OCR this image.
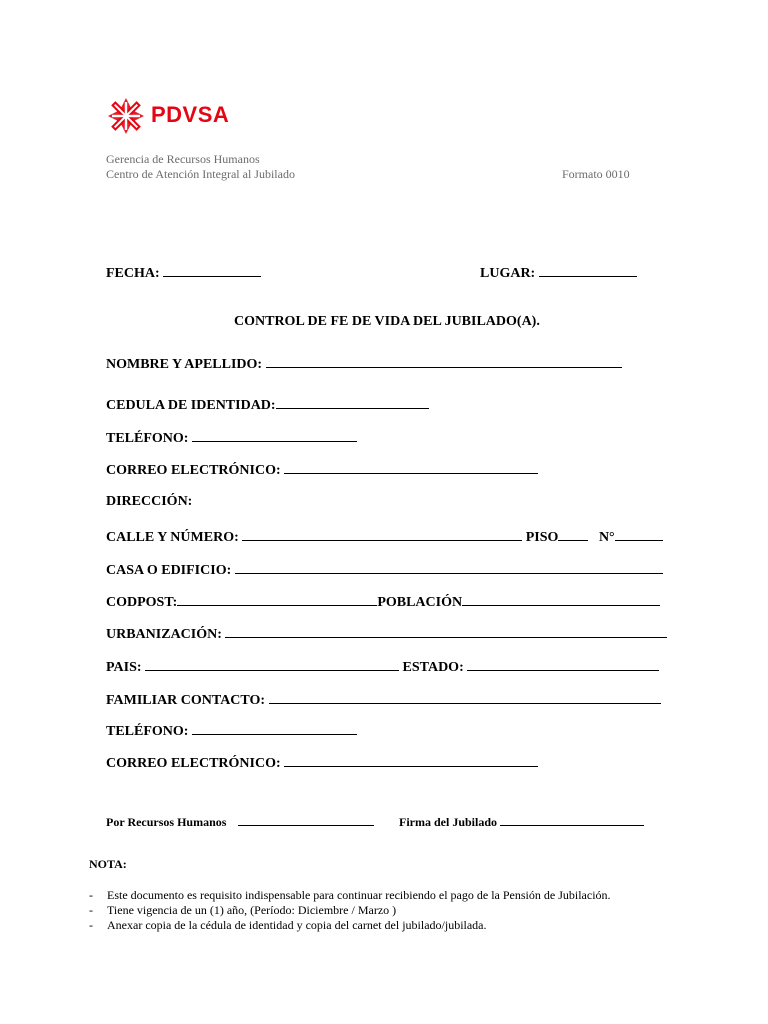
PDVSA
Gerencia de Recursos Humanos
Centro de Atención Integral al Jubilado	Formato 0010
FECHA:	LUGAR:
CONTROL DE FE DE VIDA DEL JUBILADO(A).
NOMBRE Y APELLIDO:
CEDULA DE IDENTIDAD:
TELÉFONO:
CORREO ELECTRÓNICO:
DIRECCIÓN:
CALLE Y NÚMERO:	PISO	N°
CASA O EDIFICIO:
CODPOST:	POBLACIÓN
URBANIZACIÓN:
PAIS:	ESTADO:
FAMILIAR CONTACTO:
TELÉFONO:
CORREO ELECTRÓNICO:
Por Recursos Humanos	Firma del Jubilado
NOTA:
- Este documento es requisito indispensable para continuar recibiendo el pago de la Pensión de Jubilación.
- Tiene vigencia de un (1) año, (Período: Diciembre / Marzo )
- Anexar copia de la cédula de identidad y copia del carnet del jubilado/jubilada.
